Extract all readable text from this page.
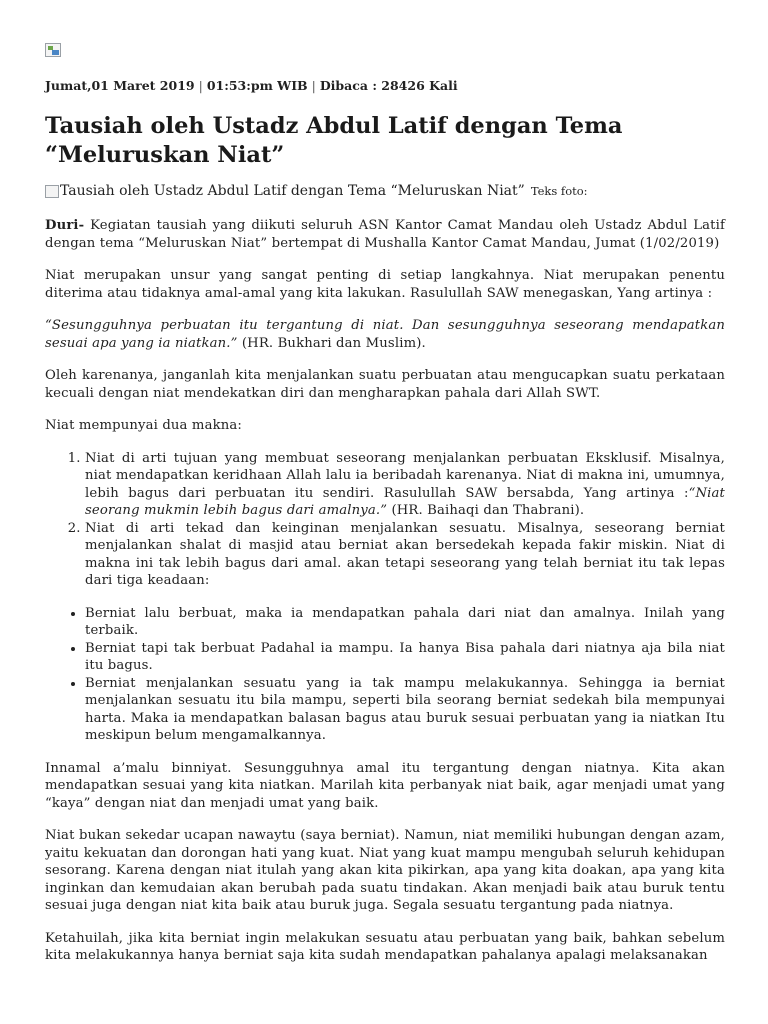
Jumat,01 Maret 2019 | 01:53:pm WIB | Dibaca : 28426 Kali
Tausiah oleh Ustadz Abdul Latif dengan Tema “Meluruskan Niat”
Tausiah oleh Ustadz Abdul Latif dengan Tema “Meluruskan Niat” Teks foto:

Duri- Kegiatan tausiah yang diikuti seluruh ASN Kantor Camat Mandau oleh Ustadz Abdul Latif dengan tema “Meluruskan Niat” bertempat di Mushalla Kantor Camat Mandau, Jumat (1/02/2019)

Niat merupakan unsur yang sangat penting di setiap langkahnya. Niat merupakan penentu diterima atau tidaknya amal-amal yang kita lakukan. Rasulullah SAW menegaskan, Yang artinya :

“Sesungguhnya perbuatan itu tergantung di niat. Dan sesungguhnya seseorang mendapatkan sesuai apa yang ia niatkan.” (HR. Bukhari dan Muslim).

Oleh karenanya, janganlah kita menjalankan suatu perbuatan atau mengucapkan suatu perkataan kecuali dengan niat mendekatkan diri dan mengharapkan pahala dari Allah SWT.

Niat mempunyai dua makna:

1. Niat di arti tujuan yang membuat seseorang menjalankan perbuatan Eksklusif. Misalnya, niat mendapatkan keridhaan Allah lalu ia beribadah karenanya. Niat di makna ini, umumnya, lebih bagus dari perbuatan itu sendiri. Rasulullah SAW bersabda, Yang artinya :“Niat seorang mukmin lebih bagus dari amalnya.” (HR. Baihaqi dan Thabrani).
2. Niat di arti tekad dan keinginan menjalankan sesuatu. Misalnya, seseorang berniat menjalankan shalat di masjid atau berniat akan bersedekah kepada fakir miskin. Niat di makna ini tak lebih bagus dari amal. akan tetapi seseorang yang telah berniat itu tak lepas dari tiga keadaan:
• Berniat lalu berbuat, maka ia mendapatkan pahala dari niat dan amalnya. Inilah yang terbaik.
• Berniat tapi tak berbuat Padahal ia mampu. Ia hanya Bisa pahala dari niatnya aja bila niat itu bagus.
• Berniat menjalankan sesuatu yang ia tak mampu melakukannya. Sehingga ia berniat menjalankan sesuatu itu bila mampu, seperti bila seorang berniat sedekah bila mempunyai harta. Maka ia mendapatkan balasan bagus atau buruk sesuai perbuatan yang ia niatkan Itu meskipun belum mengamalkannya.

Innamal a’malu binniyat. Sesungguhnya amal itu tergantung dengan niatnya. Kita akan mendapatkan sesuai yang kita niatkan. Marilah kita perbanyak niat baik, agar menjadi umat yang “kaya” dengan niat dan menjadi umat yang baik.

Niat bukan sekedar ucapan nawaytu (saya berniat). Namun, niat memiliki hubungan dengan azam, yaitu kekuatan dan dorongan hati yang kuat. Niat yang kuat mampu mengubah seluruh kehidupan sesorang. Karena dengan niat itulah yang akan kita pikirkan, apa yang kita doakan, apa yang kita inginkan dan kemudaian akan berubah pada suatu tindakan. Akan menjadi baik atau buruk tentu sesuai juga dengan niat kita baik atau buruk juga. Segala sesuatu tergantung pada niatnya.

Ketahuilah, jika kita berniat ingin melakukan sesuatu atau perbuatan yang baik, bahkan sebelum kita melakukannya hanya berniat saja kita sudah mendapatkan pahalanya apalagi melaksanakan
